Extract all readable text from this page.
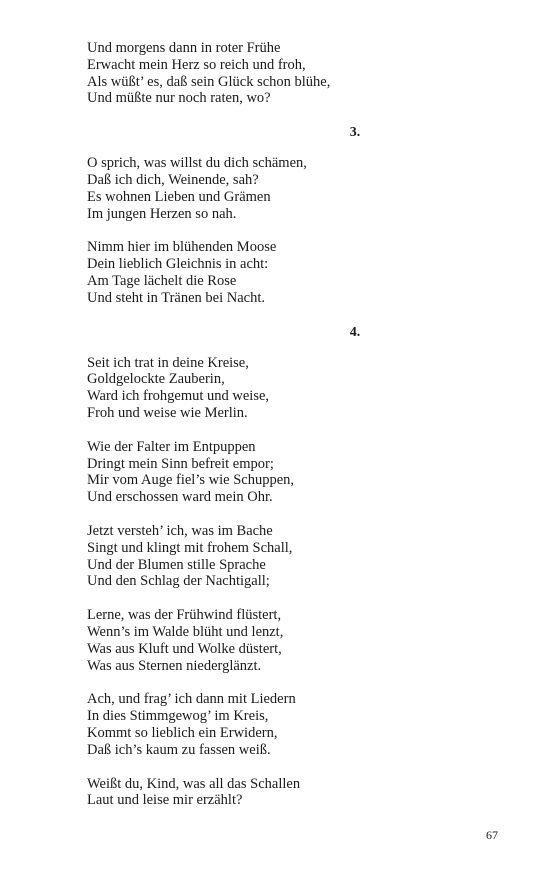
Und morgens dann in roter Frühe
Erwacht mein Herz so reich und froh,
Als wüßt’ es, daß sein Glück schon blühe,
Und müßte nur noch raten, wo?
3.
O sprich, was willst du dich schämen,
Daß ich dich, Weinende, sah?
Es wohnen Lieben und Grämen
Im jungen Herzen so nah.
Nimm hier im blühenden Moose
Dein lieblich Gleichnis in acht:
Am Tage lächelt die Rose
Und steht in Tränen bei Nacht.
4.
Seit ich trat in deine Kreise,
Goldgelockte Zauberin,
Ward ich frohgemut und weise,
Froh und weise wie Merlin.
Wie der Falter im Entpuppen
Dringt mein Sinn befreit empor;
Mir vom Auge fiel’s wie Schuppen,
Und erschossen ward mein Ohr.
Jetzt versteh’ ich, was im Bache
Singt und klingt mit frohem Schall,
Und der Blumen stille Sprache
Und den Schlag der Nachtigall;
Lerne, was der Frühwind flüstert,
Wenn’s im Walde blüht und lenzt,
Was aus Kluft und Wolke düstert,
Was aus Sternen niederglänzt.
Ach, und frag’ ich dann mit Liedern
In dies Stimmgewog’ im Kreis,
Kommt so lieblich ein Erwidern,
Daß ich’s kaum zu fassen weiß.
Weißt du, Kind, was all das Schallen
Laut und leise mir erzählt?
67
